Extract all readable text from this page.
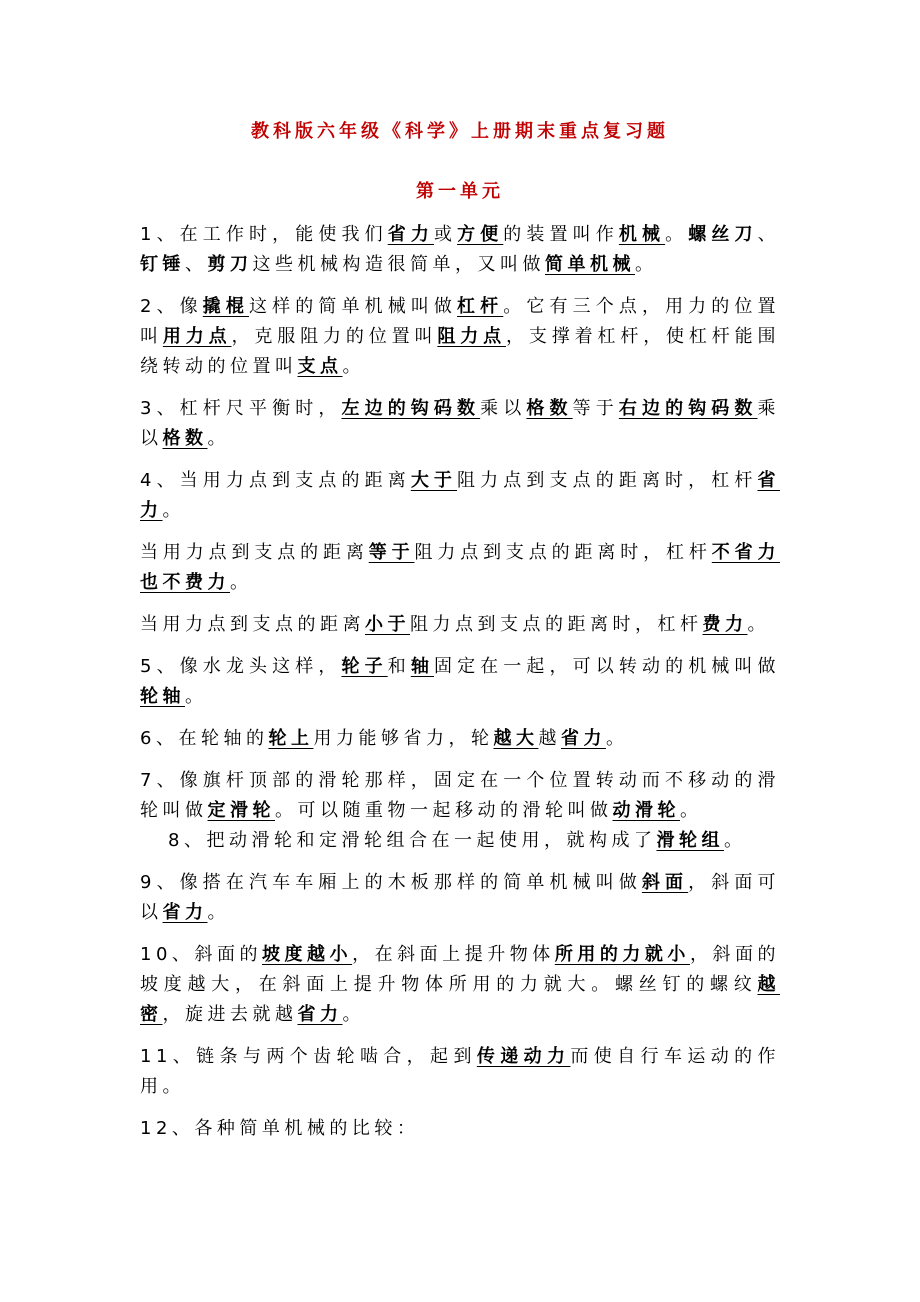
教科版六年级《科学》上册期末重点复习题
第一单元

1、在工作时，能使我们省力或方便的装置叫作机械。螺丝刀、钉锤、剪刀这些机械构造很简单，又叫做简单机械。

2、像撬棍这样的简单机械叫做杠杆。它有三个点，用力的位置叫用力点，克服阻力的位置叫阻力点，支撑着杠杆，使杠杆能围绕转动的位置叫支点。

3、杠杆尺平衡时，左边的钩码数乘以格数等于右边的钩码数乘以格数。

4、当用力点到支点的距离大于阻力点到支点的距离时，杠杆省力。

当用力点到支点的距离等于阻力点到支点的距离时，杠杆不省力也不费力。

当用力点到支点的距离小于阻力点到支点的距离时，杠杆费力。

5、像水龙头这样，轮子和轴固定在一起，可以转动的机械叫做轮轴。

6、在轮轴的轮上用力能够省力，轮越大越省力。

7、像旗杆顶部的滑轮那样，固定在一个位置转动而不移动的滑轮叫做定滑轮。可以随重物一起移动的滑轮叫做动滑轮。

8、把动滑轮和定滑轮组合在一起使用，就构成了滑轮组。

9、像搭在汽车车厢上的木板那样的简单机械叫做斜面，斜面可以省力。

10、斜面的坡度越小，在斜面上提升物体所用的力就小，斜面的坡度越大，在斜面上提升物体所用的力就大。螺丝钉的螺纹越密，旋进去就越省力。

11、链条与两个齿轮啮合，起到传递动力而使自行车运动的作用。

12、各种简单机械的比较：
